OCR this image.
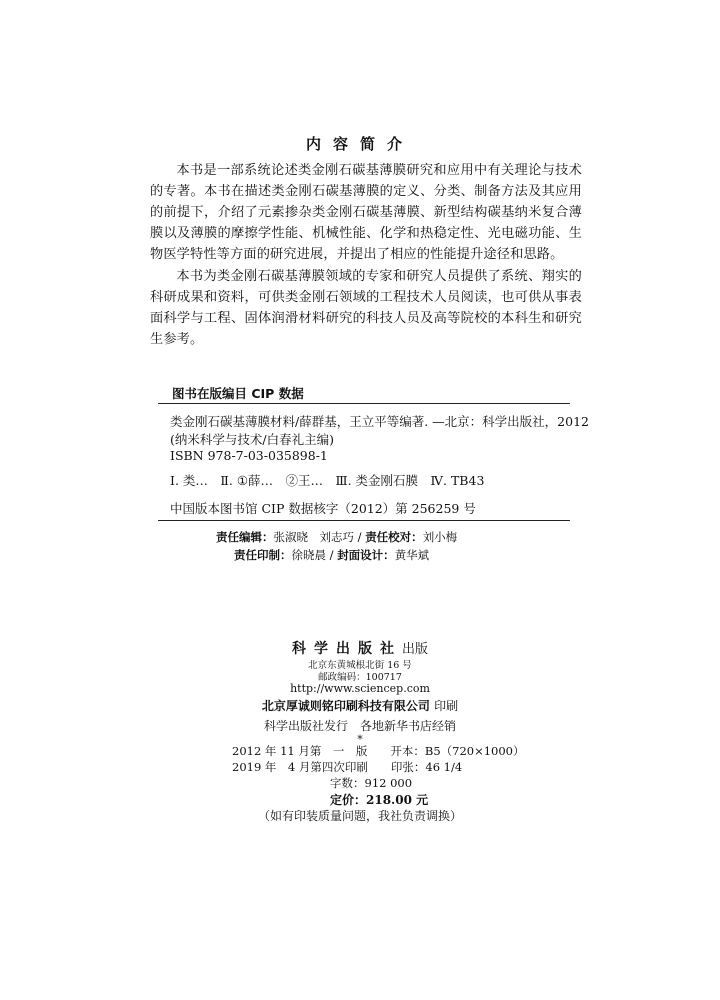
内容简介

本书是一部系统论述类金刚石碳基薄膜研究和应用中有关理论与技术的专著。本书在描述类金刚石碳基薄膜的定义、分类、制备方法及其应用的前提下，介绍了元素掺杂类金刚石碳基薄膜、新型结构碳基纳米复合薄膜以及薄膜的摩擦学性能、机械性能、化学和热稳定性、光电磁功能、生物医学特性等方面的研究进展，并提出了相应的性能提升途径和思路。

本书为类金刚石碳基薄膜领域的专家和研究人员提供了系统、翔实的科研成果和资料，可供类金刚石领域的工程技术人员阅读，也可供从事表面科学与工程、固体润滑材料研究的科技人员及高等院校的本科生和研究生参考。

图书在版编目 CIP 数据
类金刚石碳基薄膜材料/薛群基，王立平等编著. —北京：科学出版社，2012
(纳米科学与技术/白春礼主编)
ISBN 978-7-03-035898-1
Ⅰ. 类…　Ⅱ. ①薛…　②王…　Ⅲ. 类金刚石膜　Ⅳ. TB43
中国版本图书馆 CIP 数据核字（2012）第 256259 号
责任编辑：张淑晓　刘志巧 / 责任校对：刘小梅
责任印制：徐晓晨 / 封面设计：黄华斌
科学出版社出版
北京东黄城根北街 16 号
邮政编码：100717
http://www.sciencep.com
北京厚诚则铭印刷科技有限公司 印刷
科学出版社发行　各地新华书店经销
*
2012 年 11 月第　一　版　　开本：B5（720×1000）
2019 年　4 月第四次印刷　　印张：46 1/4
字数：912 000
定价：218.00 元
（如有印装质量问题，我社负责调换）
